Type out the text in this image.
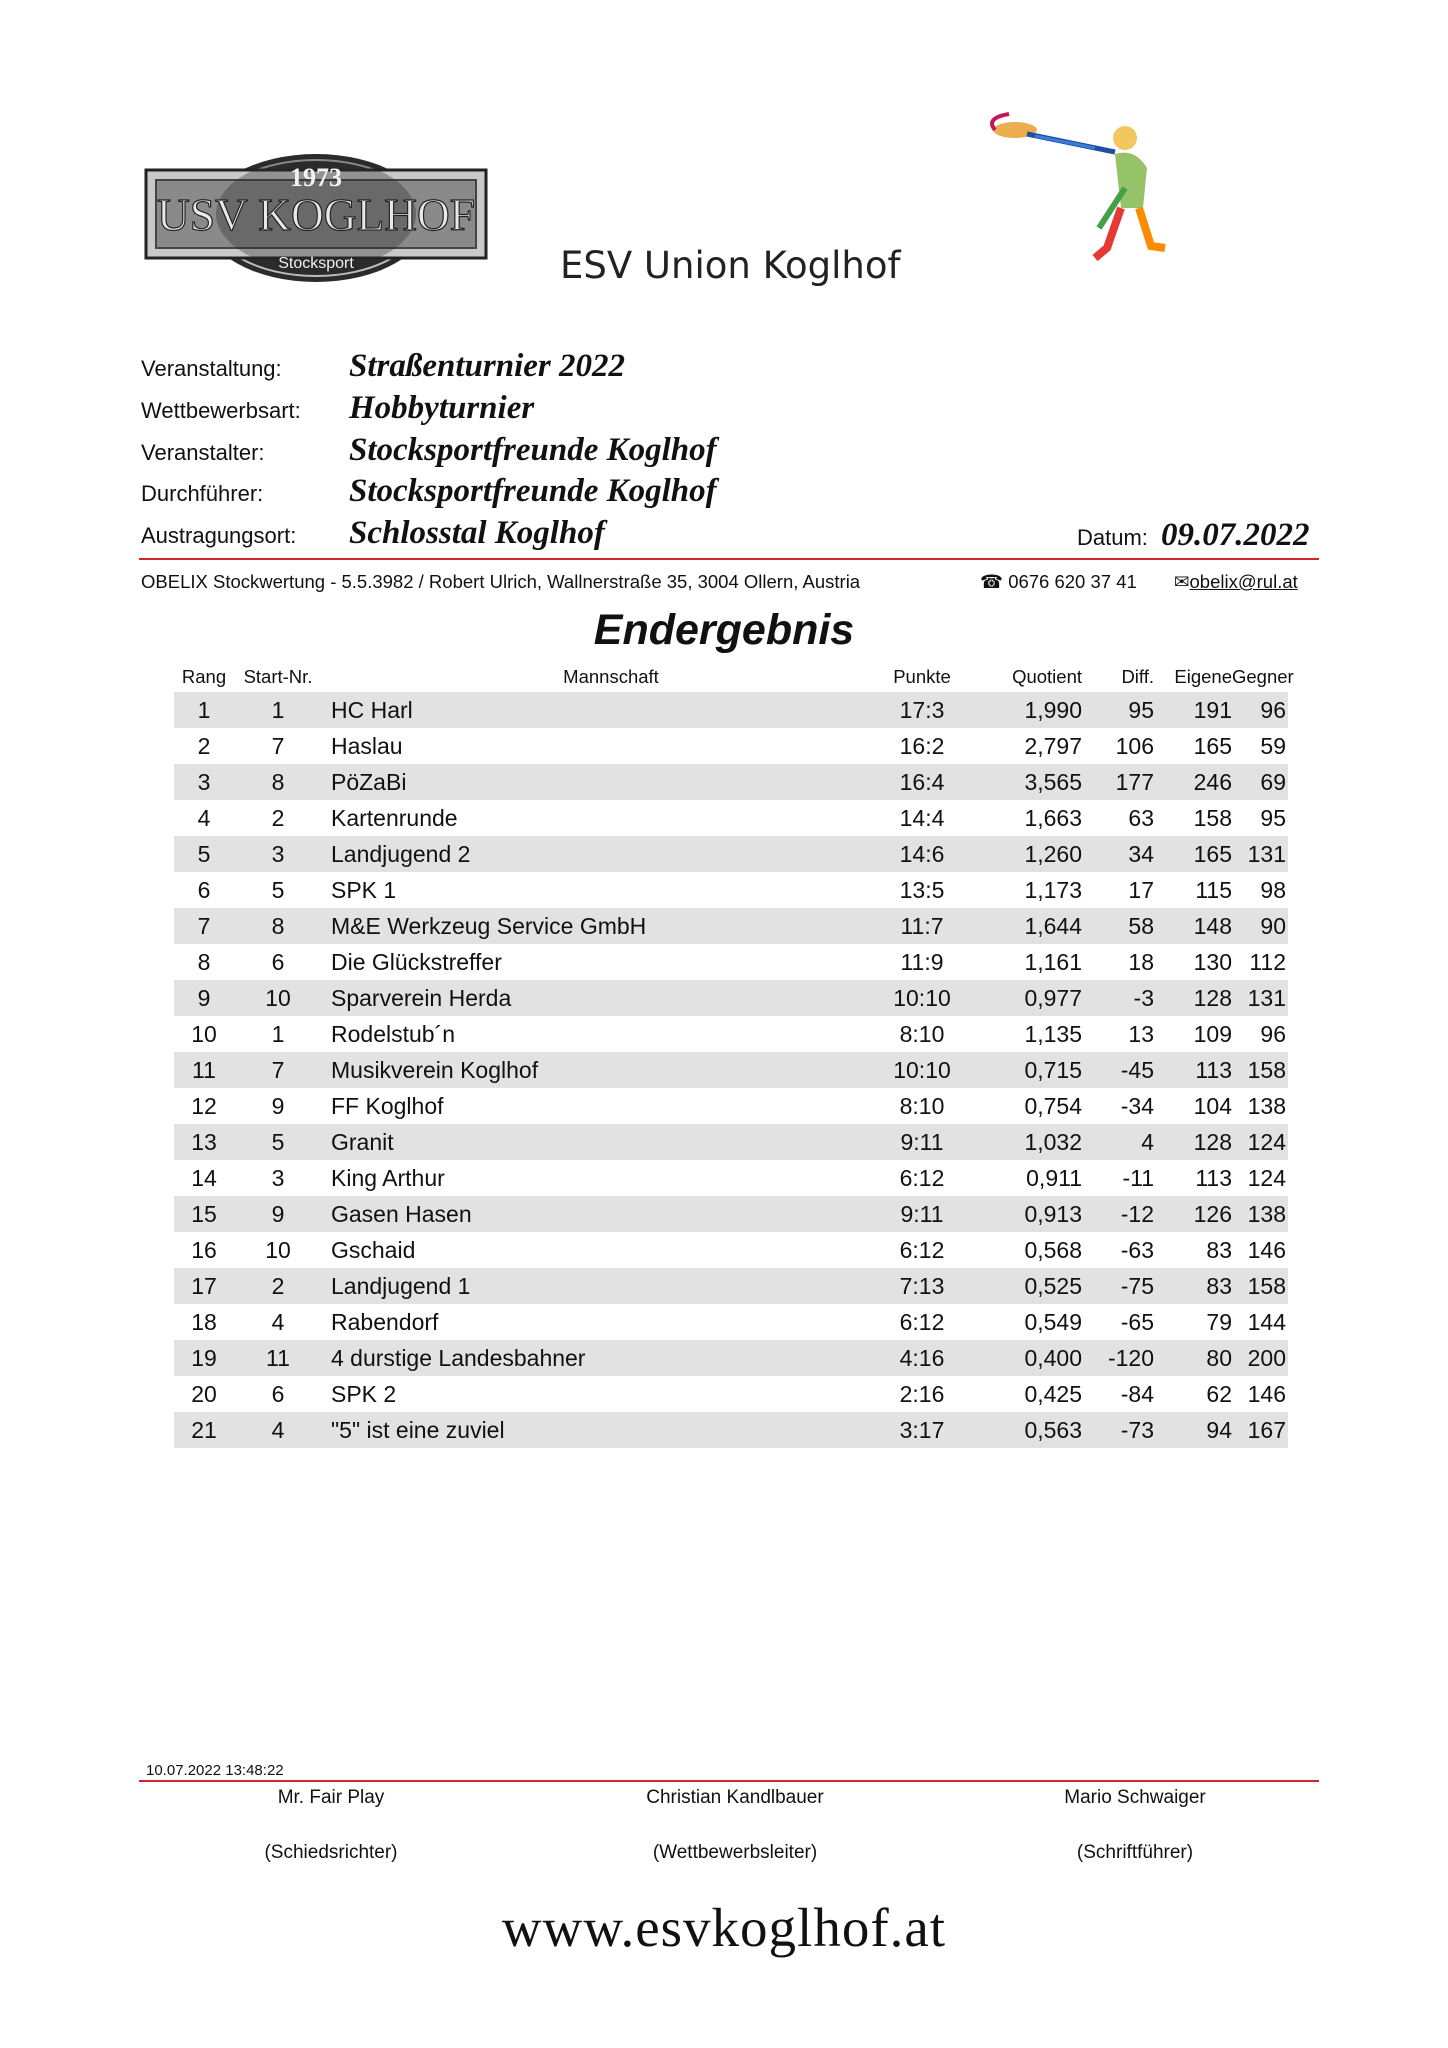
1973
USV KOGLHOF
Stocksport	ESV Union Koglhof
Veranstaltung: Straßenturnier 2022
Wettbewerbsart: Hobbyturnier
Veranstalter:	Stocksportfreunde Koglhof
Durchführer:	Stocksportfreunde Koglhof
Austragungsort: Schlosstal Koglhof	Datum: 09.07.2022
OBELIX Stockwertung - 5.5.3982 / Robert Ulrich, Wallnerstraße 35, 3004 Ollern, Austria	☎ 0676 620 37 41 ✉obelix@rul.at
Endergebnis
Rang Start-Nr.	Mannschaft	Punkte	Quotient	Diff.	Eigene Gegner
1	1	HC Harl	17:3	1,990	95	191	96
2	7	Haslau	16:2	2,797	106	165	59
3	8	PöZaBi	16:4	3,565	177	246	69
4	2	Kartenrunde	14:4	1,663	63	158	95
5	3	Landjugend 2	14:6	1,260	34	165 131
6	5	SPK 1	13:5	1,173	17	115	98
7	8	M&E Werkzeug Service GmbH	11:7	1,644	58	148	90
8	6	Die Glückstreffer	11:9	1,161	18	130 112
9	10	Sparverein Herda	10:10	0,977	-3	128 131
10	1	Rodelstub´n	8:10	1,135	13	109	96
11	7	Musikverein Koglhof	10:10	0,715	-45	113 158
12	9	FF Koglhof	8:10	0,754	-34	104 138
13	5	Granit	9:11	1,032	4	128 124
14	3	King Arthur	6:12	0,911	-11	113 124
15	9	Gasen Hasen	9:11	0,913	-12	126 138
16	10	Gschaid	6:12	0,568	-63	83 146
17	2	Landjugend 1	7:13	0,525	-75	83 158
18	4	Rabendorf	6:12	0,549	-65	79 144
19	11	4 durstige Landesbahner	4:16	0,400	-120	80 200
20	6	SPK 2	2:16	0,425	-84	62 146
21	4	"5" ist eine zuviel	3:17	0,563	-73	94 167
10.07.2022 13:48:22
Mr. Fair Play
(Schiedsrichter)
Christian Kandlbauer
(Wettbewerbsleiter)
Mario Schwaiger
(Schriftführer)
www.esvkoglhof.at
